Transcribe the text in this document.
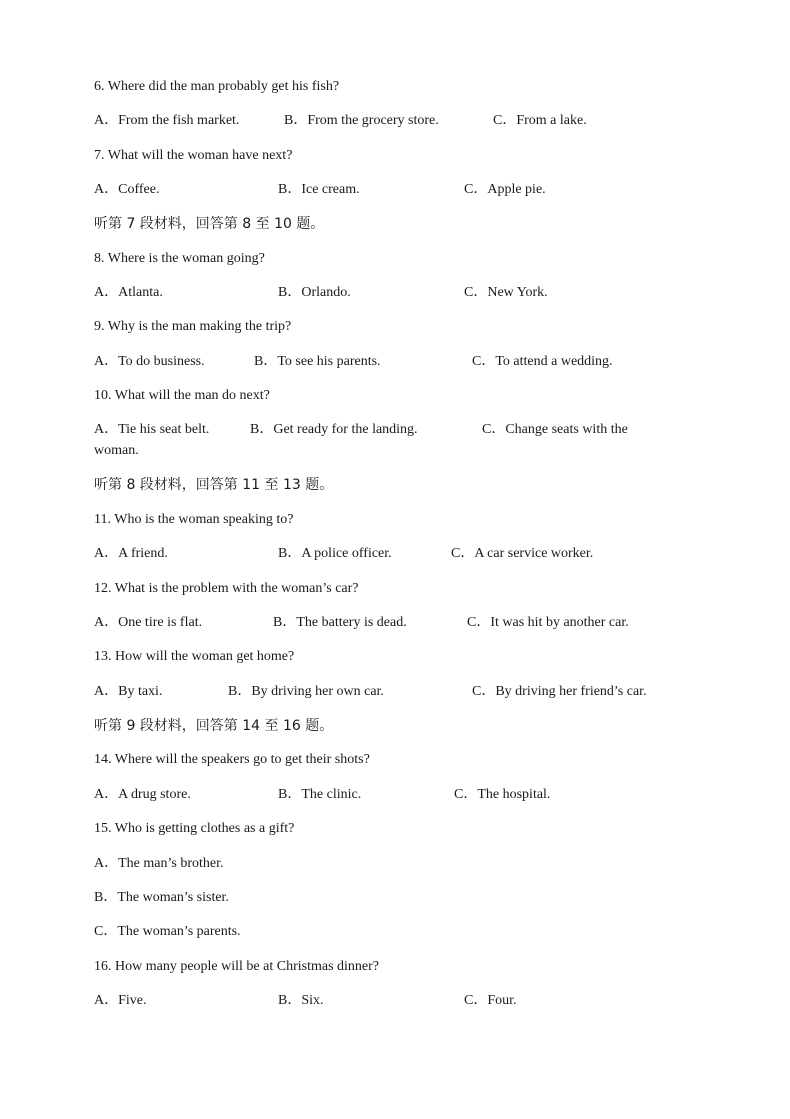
6. Where did the man probably get his fish?
A．From the fish market.	B．From the grocery store.	C．From a lake.
7. What will the woman have next?
A．Coffee.	B．Ice cream.	C．Apple pie.
听第 7 段材料，回答第 8 至 10 题。
8. Where is the woman going?
A．Atlanta.	B．Orlando.	C．New York.
9. Why is the man making the trip?
A．To do business.	B．To see his parents.	C．To attend a wedding.
10. What will the man do next?
A．Tie his seat belt.	B．Get ready for the landing.	C．Change seats with the
woman.
听第 8 段材料，回答第 11 至 13 题。
11. Who is the woman speaking to?
A．A friend.	B．A police officer.	C．A car service worker.
12. What is the problem with the woman’s car?
A．One tire is flat.	B．The battery is dead.	C．It was hit by another car.
13. How will the woman get home?
A．By taxi.	B．By driving her own car.	C．By driving her friend’s car.
听第 9 段材料，回答第 14 至 16 题。
14. Where will the speakers go to get their shots?
A．A drug store.	B．The clinic.	C．The hospital.
15. Who is getting clothes as a gift?
A．The man’s brother.
B．The woman’s sister.
C．The woman’s parents.
16. How many people will be at Christmas dinner?
A．Five.	B．Six.	C．Four.
